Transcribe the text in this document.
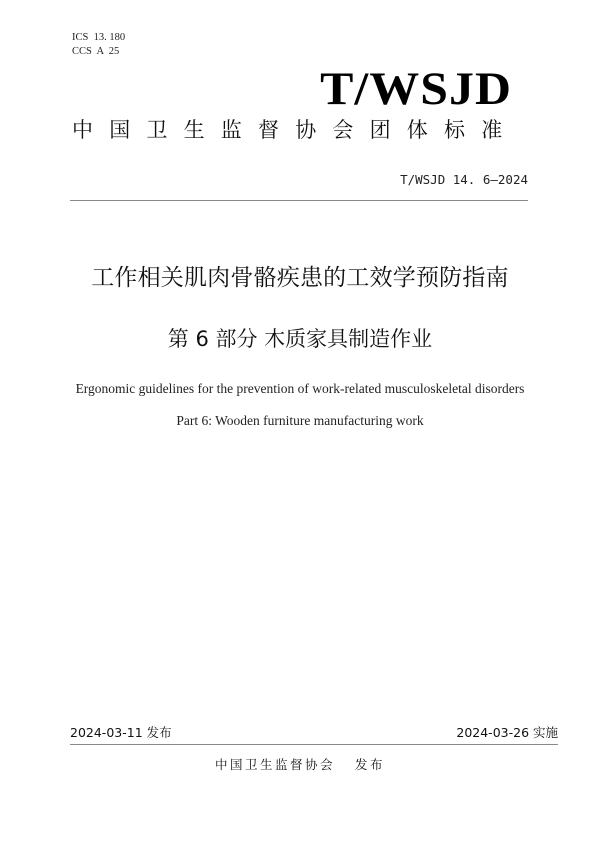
ICS  13. 180
CCS  A  25
T/WSJD
中国卫生监督协会团体标准
T/WSJD 14. 6—2024
工作相关肌肉骨骼疾患的工效学预防指南
第 6 部分 木质家具制造作业
Ergonomic guidelines for the prevention of work-related musculoskeletal disorders
Part 6: Wooden furniture manufacturing work
2024-03-11 发布	2024-03-26 实施
中国卫生监督协会 发布
